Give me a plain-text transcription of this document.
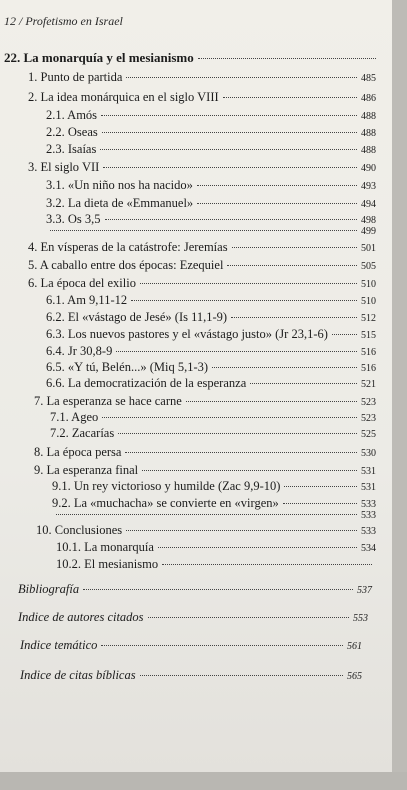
12 / Profetismo en Israel
22. La monarquía y el mesianismo
1. Punto de partida	485
2. La idea monárquica en el siglo VIII	486
2.1. Amós	488
2.2. Oseas	488
2.3. Isaías	488
3. El siglo VII	490
3.1. «Un niño nos ha nacido»	493
3.2. La dieta de «Emmanuel»	494
3.3. Os 3,5	498
499
4. En vísperas de la catástrofe: Jeremías	501
5. A caballo entre dos épocas: Ezequiel	505
6. La época del exilio	510
6.1. Am 9,11-12	510
6.2. El «vástago de Jesé» (Is 11,1-9)	512
6.3. Los nuevos pastores y el «vástago justo» (Jr 23,1-6)	515
6.4. Jr 30,8-9	516
6.5. «Y tú, Belén...» (Miq 5,1-3)	516
6.6. La democratización de la esperanza	521
7. La esperanza se hace carne	523
7.1. Ageo	523
7.2. Zacarías	525
8. La época persa	530
9. La esperanza final	531
9.1. Un rey victorioso y humilde (Zac 9,9-10)	531
9.2. La «muchacha» se convierte en «virgen»	533
533
10. Conclusiones	533
10.1. La monarquía	534
10.2. El mesianismo
Bibliografía	537
Indice de autores citados	553
Indice temático	561
Indice de citas bíblicas	565
